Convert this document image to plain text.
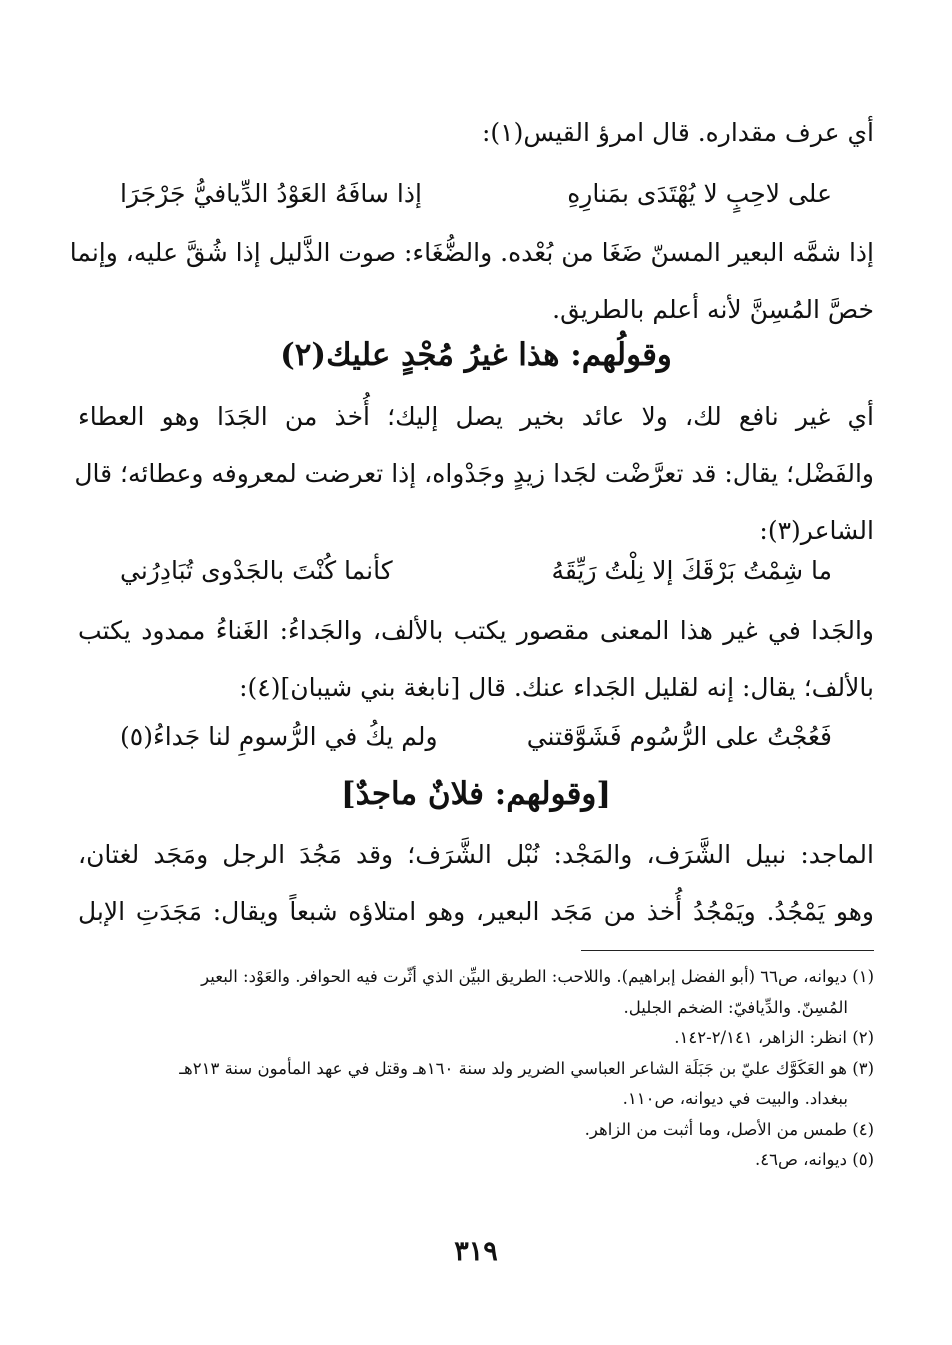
أي عرف مقداره. قال امرؤ القيس(١):
على لاحِبٍ لا يُهْتَدَى بمَنارِهِ
إذا سافَهُ العَوْدُ الدِّيافيُّ جَرْجَرَا
إذا شمَّه البعير المسنّ ضَغَا من بُعْده. والضُّغَاء: صوت الذَّليل إذا شُقَّ عليه، وإنما
خصَّ المُسِنَّ لأنه أعلم بالطريق.
وقولُهم: هذا غيرُ مُجْدٍ عليك(٢)
أي غير نافع لك، ولا عائد بخير يصل إليك؛ أُخذ من الجَدَا وهو العطاء
والفَضْل؛ يقال: قد تعرَّضْت لجَدا زيدٍ وجَدْواه، إذا تعرضت لمعروفه وعطائه؛ قال
الشاعر(٣):
ما شِمْتُ بَرْقَكَ إلا نِلْتُ رَيِّقَهُ
كأنما كُنْتَ بالجَدْوى تُبَادِرُني
والجَدا في غير هذا المعنى مقصور يكتب بالألف، والجَداءُ: الغَناءُ ممدود يكتب
بالألف؛ يقال: إنه لقليل الجَداء عنك. قال [نابغة بني شيبان](٤):
فَعُجْتُ على الرُّسُوم فَشَوَّقتني
ولم يكُ في الرُّسومِ لنا جَداءُ(٥)
[وقولهم: فلانٌ ماجدٌ]
الماجد: نبيل الشَّرَف، والمَجْد: نُبْل الشَّرَف؛ وقد مَجُدَ الرجل ومَجَد لغتان،
وهو يَمْجُدُ. ويَمْجُدُ أُخذ من مَجَد البعير، وهو امتلاؤه شبعاً ويقال: مَجَدَتِ الإبل
(١) ديوانه، ص٦٦ (أبو الفضل إبراهيم). واللاحب: الطريق البيِّن الذي أثّرت فيه الحوافر. والعَوْد: البعير
المُسِنّ. والدِّيافيّ: الضخم الجليل.
(٢) انظر: الزاهر، ٢/١٤١-١٤٢.
(٣) هو العَكَوَّك عليّ بن جَبَلَة الشاعر العباسي الضرير ولد سنة ١٦٠هـ وقتل في عهد المأمون سنة ٢١٣هـ
ببغداد. والبيت في ديوانه، ص١١٠.
(٤) طمس من الأصل، وما أثبت من الزاهر.
(٥) ديوانه، ص٤٦.
٣١٩
